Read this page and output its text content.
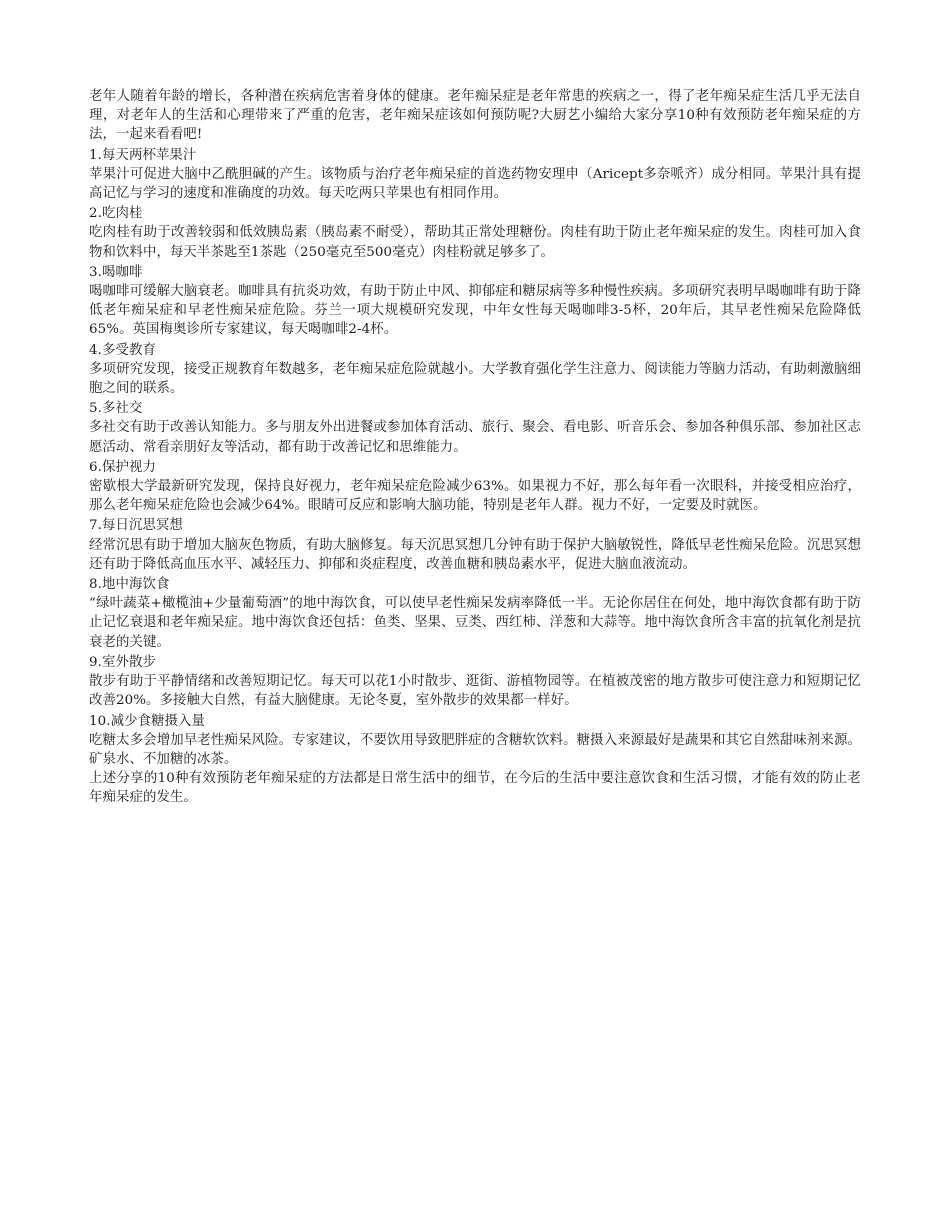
老年人随着年龄的增长，各种潜在疾病危害着身体的健康。老年痴呆症是老年常患的疾病之一，得了老年痴呆症生活几乎无法自理，对老年人的生活和心理带来了严重的危害，老年痴呆症该如何预防呢?大厨艺小编给大家分享10种有效预防老年痴呆症的方法，一起来看看吧!

1.每天两杯苹果汁

苹果汁可促进大脑中乙酰胆碱的产生。该物质与治疗老年痴呆症的首选药物安理申（Aricept多奈哌齐）成分相同。苹果汁具有提高记忆与学习的速度和准确度的功效。每天吃两只苹果也有相同作用。

2.吃肉桂

吃肉桂有助于改善较弱和低效胰岛素（胰岛素不耐受），帮助其正常处理糖份。肉桂有助于防止老年痴呆症的发生。肉桂可加入食物和饮料中，每天半茶匙至1茶匙（250毫克至500毫克）肉桂粉就足够多了。

3.喝咖啡

喝咖啡可缓解大脑衰老。咖啡具有抗炎功效，有助于防止中风、抑郁症和糖尿病等多种慢性疾病。多项研究表明早喝咖啡有助于降低老年痴呆症和早老性痴呆症危险。芬兰一项大规模研究发现，中年女性每天喝咖啡3-5杯，20年后，其早老性痴呆危险降低65%。英国梅奥诊所专家建议，每天喝咖啡2-4杯。

4.多受教育

多项研究发现，接受正规教育年数越多，老年痴呆症危险就越小。大学教育强化学生注意力、阅读能力等脑力活动，有助刺激脑细胞之间的联系。

5.多社交

多社交有助于改善认知能力。多与朋友外出进餐或参加体育活动、旅行、聚会、看电影、听音乐会、参加各种俱乐部、参加社区志愿活动、常看亲朋好友等活动，都有助于改善记忆和思维能力。

6.保护视力

密歇根大学最新研究发现，保持良好视力，老年痴呆症危险减少63%。如果视力不好，那么每年看一次眼科，并接受相应治疗，那么老年痴呆症危险也会减少64%。眼睛可反应和影响大脑功能，特别是老年人群。视力不好，一定要及时就医。

7.每日沉思冥想

经常沉思有助于增加大脑灰色物质，有助大脑修复。每天沉思冥想几分钟有助于保护大脑敏锐性，降低早老性痴呆危险。沉思冥想还有助于降低高血压水平、减轻压力、抑郁和炎症程度，改善血糖和胰岛素水平，促进大脑血液流动。

8.地中海饮食

“绿叶蔬菜+橄榄油+少量葡萄酒”的地中海饮食，可以使早老性痴呆发病率降低一半。无论你居住在何处，地中海饮食都有助于防止记忆衰退和老年痴呆症。地中海饮食还包括：鱼类、坚果、豆类、西红柿、洋葱和大蒜等。地中海饮食所含丰富的抗氧化剂是抗衰老的关键。

9.室外散步

散步有助于平静情绪和改善短期记忆。每天可以花1小时散步、逛街、游植物园等。在植被茂密的地方散步可使注意力和短期记忆改善20%。多接触大自然，有益大脑健康。无论冬夏，室外散步的效果都一样好。

10.减少食糖摄入量

吃糖太多会增加早老性痴呆风险。专家建议，不要饮用导致肥胖症的含糖软饮料。糖摄入来源最好是蔬果和其它自然甜味剂来源。矿泉水、不加糖的冰茶。

上述分享的10种有效预防老年痴呆症的方法都是日常生活中的细节，在今后的生活中要注意饮食和生活习惯，才能有效的防止老年痴呆症的发生。
